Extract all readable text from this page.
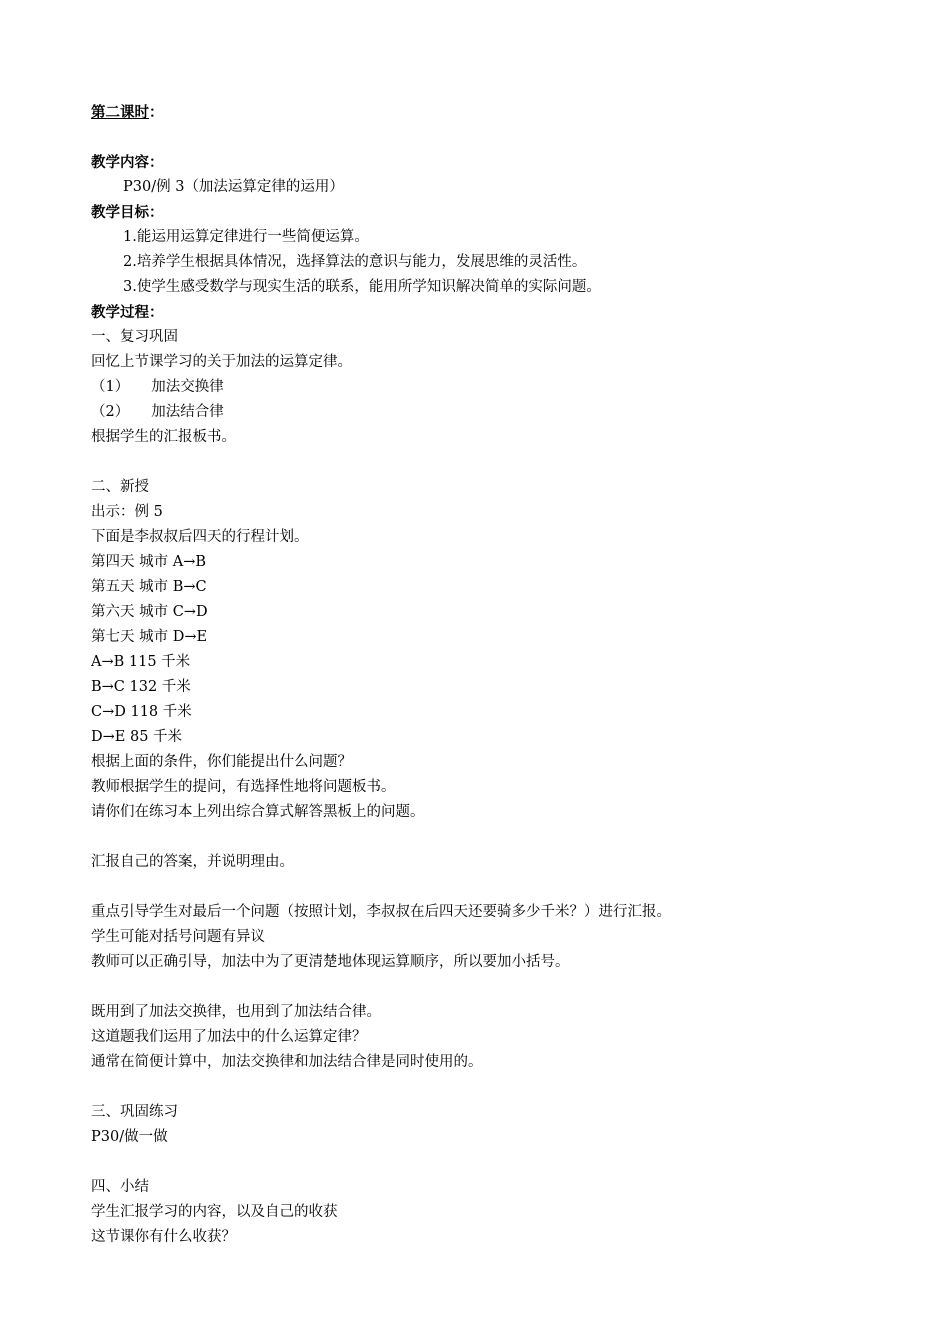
第二课时：
教学内容：
P30/例 3（加法运算定律的运用）
教学目标：
1.能运用运算定律进行一些简便运算。
2.培养学生根据具体情况，选择算法的意识与能力，发展思维的灵活性。
3.使学生感受数学与现实生活的联系，能用所学知识解决简单的实际问题。
教学过程：
一、复习巩固
回忆上节课学习的关于加法的运算定律。
（1） 加法交换律
（2） 加法结合律
根据学生的汇报板书。
二、新授
出示：例 5
下面是李叔叔后四天的行程计划。
第四天 城市 A→B
第五天 城市 B→C
第六天 城市 C→D
第七天 城市 D→E
A→B 115 千米
B→C 132 千米
C→D 118 千米
D→E 85 千米
根据上面的条件，你们能提出什么问题？
教师根据学生的提问，有选择性地将问题板书。
请你们在练习本上列出综合算式解答黑板上的问题。
汇报自己的答案，并说明理由。
重点引导学生对最后一个问题（按照计划，李叔叔在后四天还要骑多少千米？）进行汇报。
学生可能对括号问题有异议
教师可以正确引导，加法中为了更清楚地体现运算顺序，所以要加小括号。
既用到了加法交换律，也用到了加法结合律。
这道题我们运用了加法中的什么运算定律？
通常在简便计算中，加法交换律和加法结合律是同时使用的。
三、巩固练习
P30/做一做
四、小结
学生汇报学习的内容，以及自己的收获
这节课你有什么收获？
